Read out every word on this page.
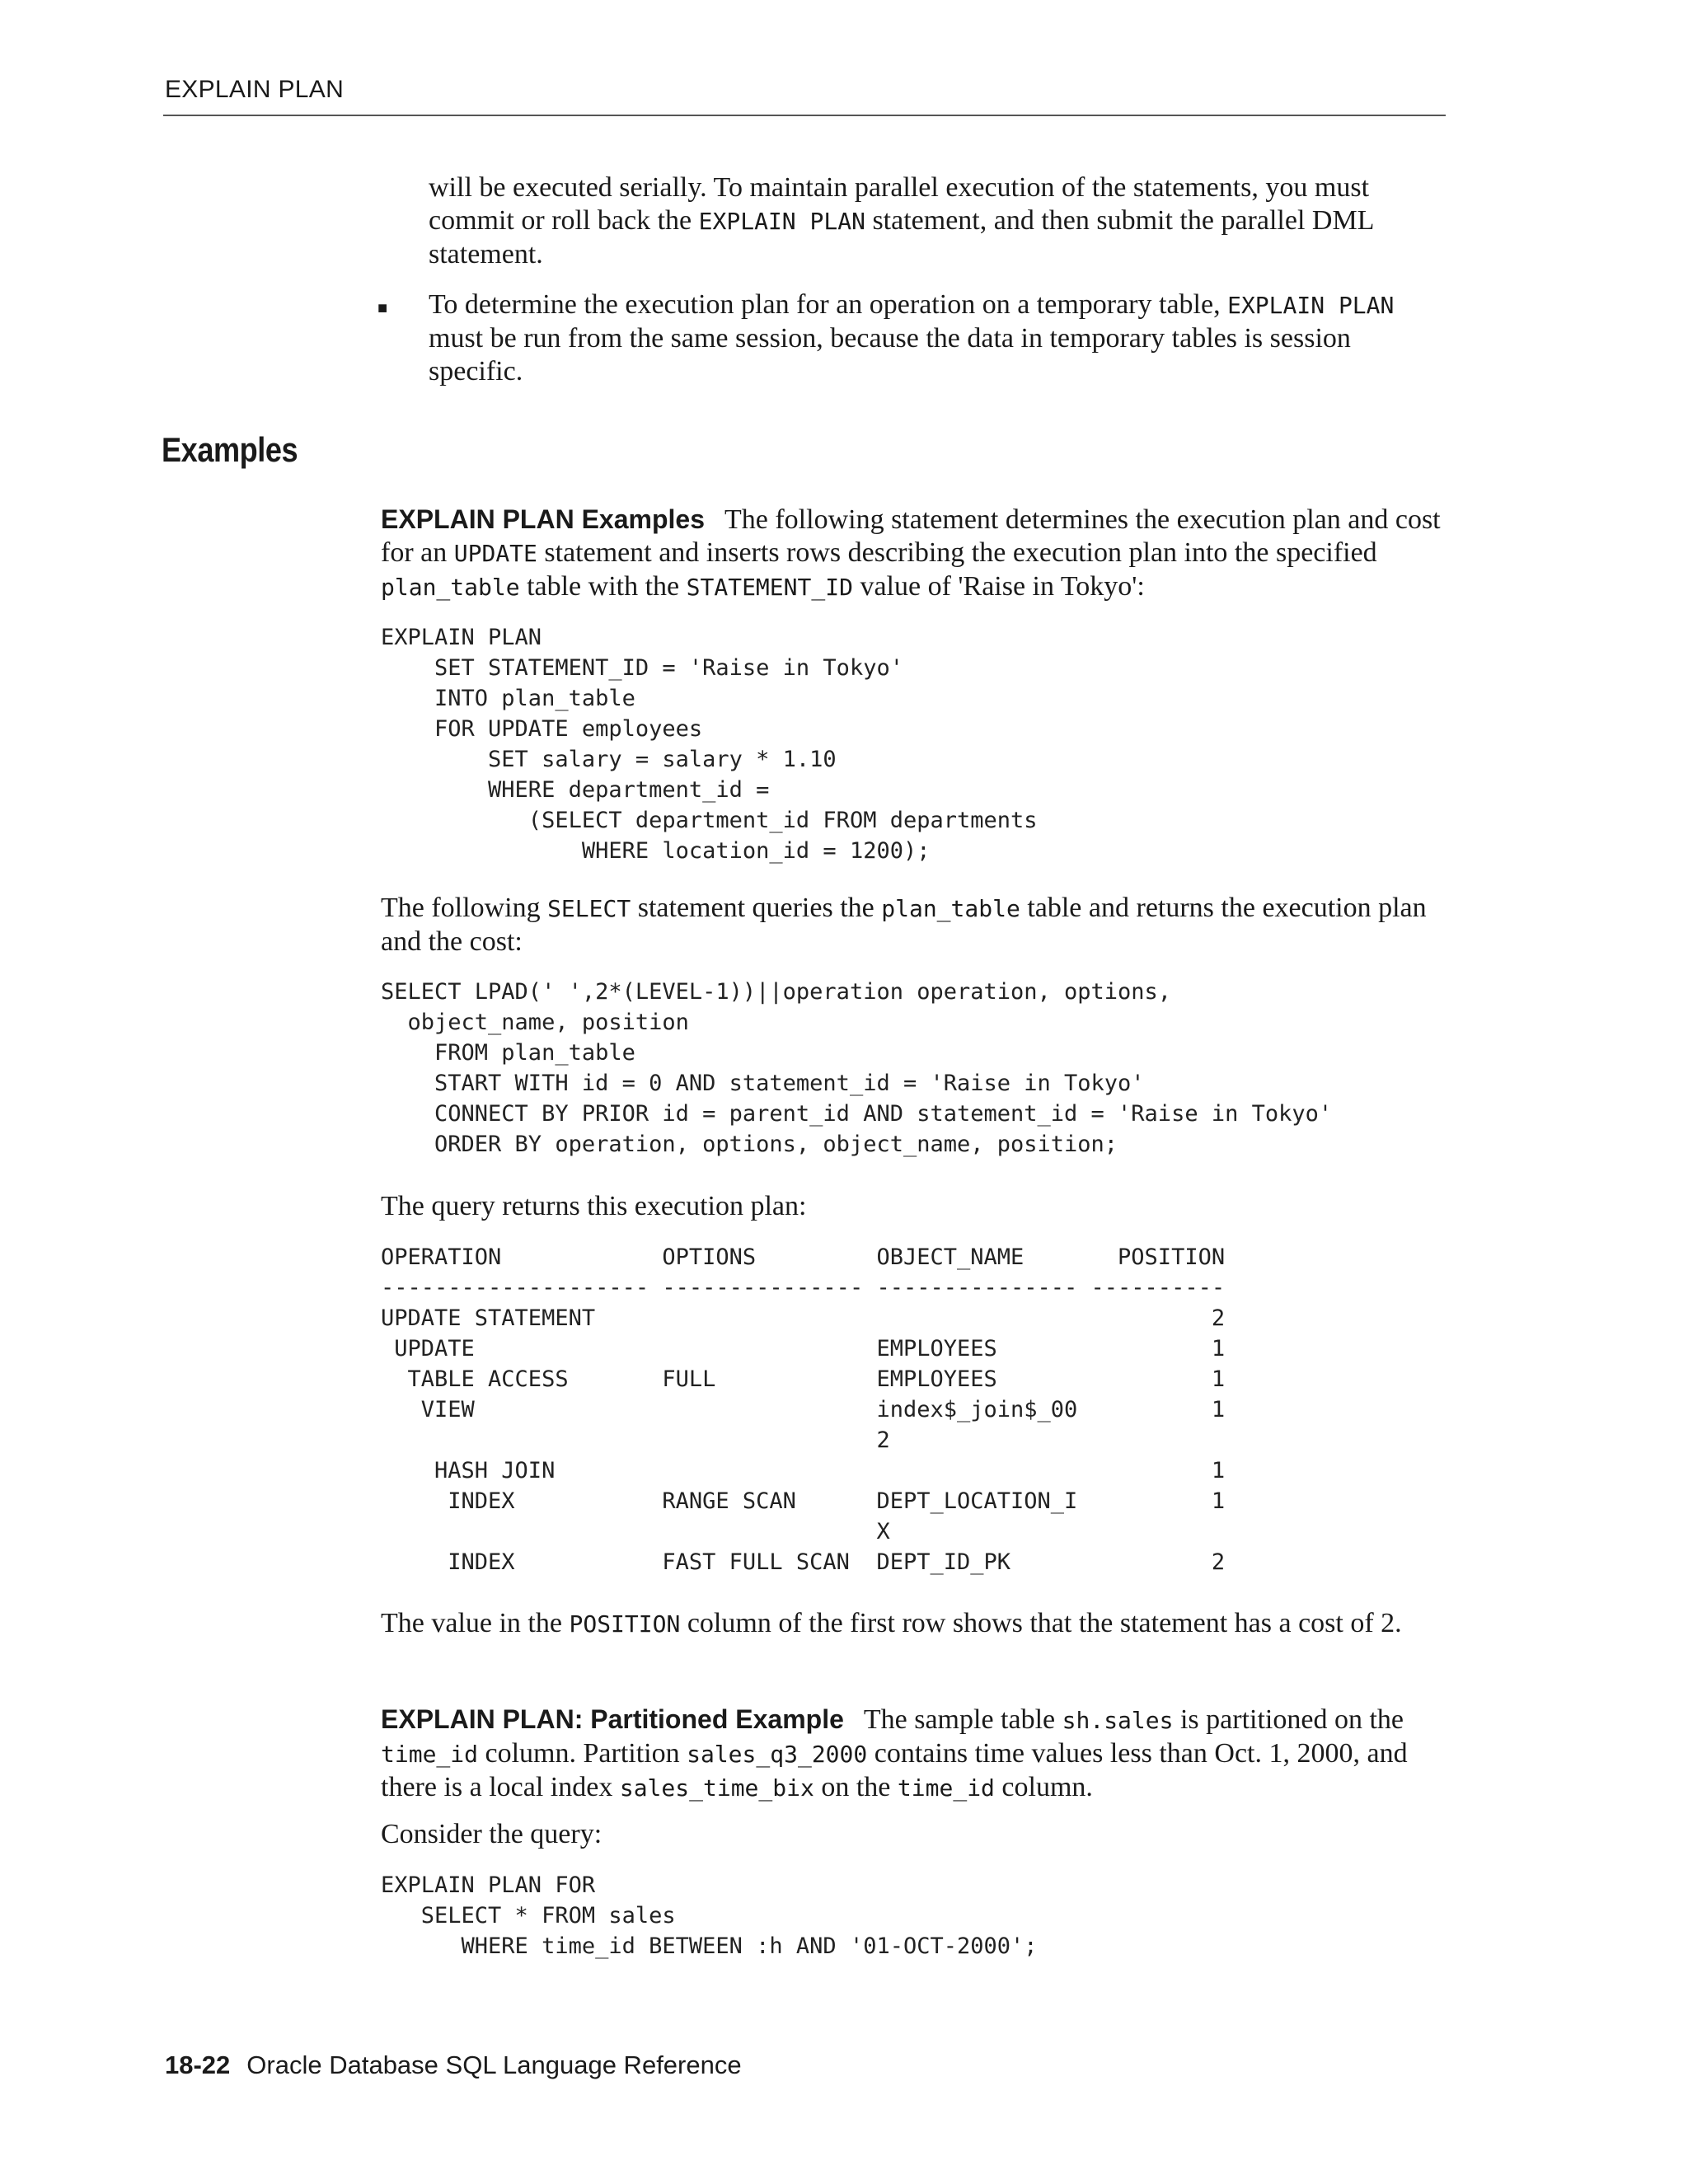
EXPLAIN PLAN

will be executed serially. To maintain parallel execution of the statements, you must commit or roll back the EXPLAIN PLAN statement, and then submit the parallel DML statement.

■ To determine the execution plan for an operation on a temporary table, EXPLAIN PLAN must be run from the same session, because the data in temporary tables is session specific.

Examples

EXPLAIN PLAN Examples The following statement determines the execution plan and cost for an UPDATE statement and inserts rows describing the execution plan into the specified plan_table table with the STATEMENT_ID value of 'Raise in Tokyo':

EXPLAIN PLAN
SET STATEMENT_ID = 'Raise in Tokyo'
INTO plan_table
FOR UPDATE employees
SET salary = salary * 1.10
WHERE department_id =
(SELECT department_id FROM departments
WHERE location_id = 1200);

The following SELECT statement queries the plan_table table and returns the execution plan and the cost:

SELECT LPAD(' ',2*(LEVEL-1))||operation operation, options,
object_name, position
FROM plan_table
START WITH id = 0 AND statement_id = 'Raise in Tokyo'
CONNECT BY PRIOR id = parent_id AND statement_id = 'Raise in Tokyo'
ORDER BY operation, options, object_name, position;

The query returns this execution plan:

OPERATION            OPTIONS         OBJECT_NAME       POSITION
-------------------- --------------- --------------- ----------
UPDATE STATEMENT                                              2
UPDATE                              EMPLOYEES                1
TABLE ACCESS       FULL            EMPLOYEES                1
VIEW                              index$_join$_00          1
2
HASH JOIN                                                 1
INDEX           RANGE SCAN      DEPT_LOCATION_I          1
X
INDEX           FAST FULL SCAN  DEPT_ID_PK               2

The value in the POSITION column of the first row shows that the statement has a cost of 2.

EXPLAIN PLAN: Partitioned Example The sample table sh.sales is partitioned on the time_id column. Partition sales_q3_2000 contains time values less than Oct. 1, 2000, and there is a local index sales_time_bix on the time_id column.

Consider the query:

EXPLAIN PLAN FOR
SELECT * FROM sales
WHERE time_id BETWEEN :h AND '01-OCT-2000';
18-22 Oracle Database SQL Language Reference
